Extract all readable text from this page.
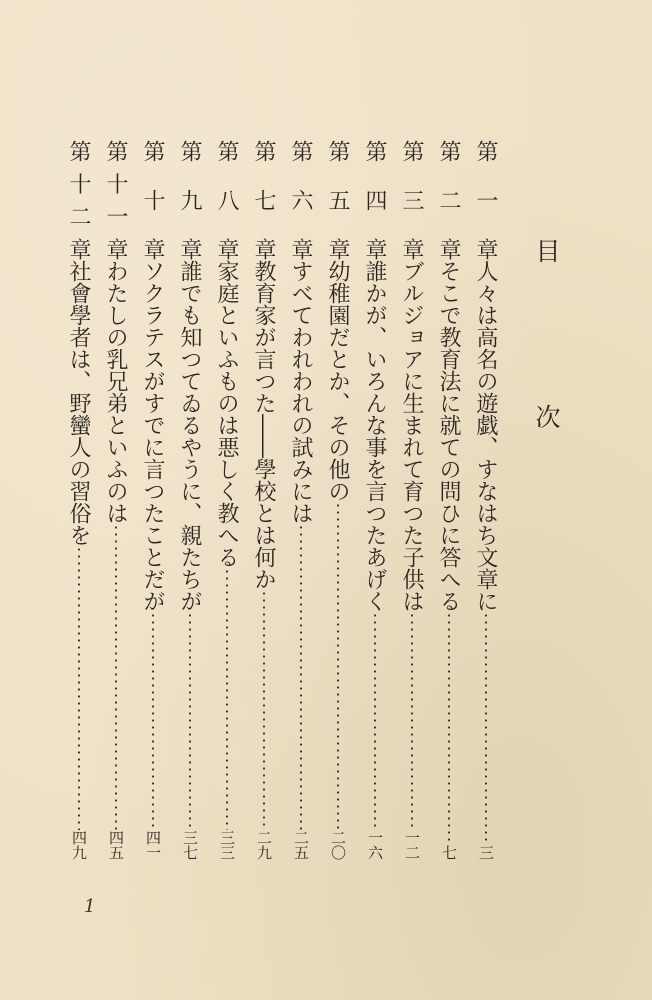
目　次
第一章
人々は高名の遊戯、すなはち文章に
三
第二章
そこで教育法に就ての問ひに答へる
七
第三章
ブルジョアに生まれて育つた子供は
一二
第四章
誰かが、いろんな事を言つたあげく
一六
第五章
幼稚園だとか、その他の
二〇
第六章
すべてわれわれの試みには
二五
第七章
教育家が言つた――學校とは何か
二九
第八章
家庭といふものは悪しく教へる
三三
第九章
誰でも知つてゐるやうに、親たちが
三七
第十章
ソクラテスがすでに言つたことだが
四一
第十一章
わたしの乳兄弟といふのは
四五
第十二章
社會學者は、野蠻人の習俗を
四九
1
